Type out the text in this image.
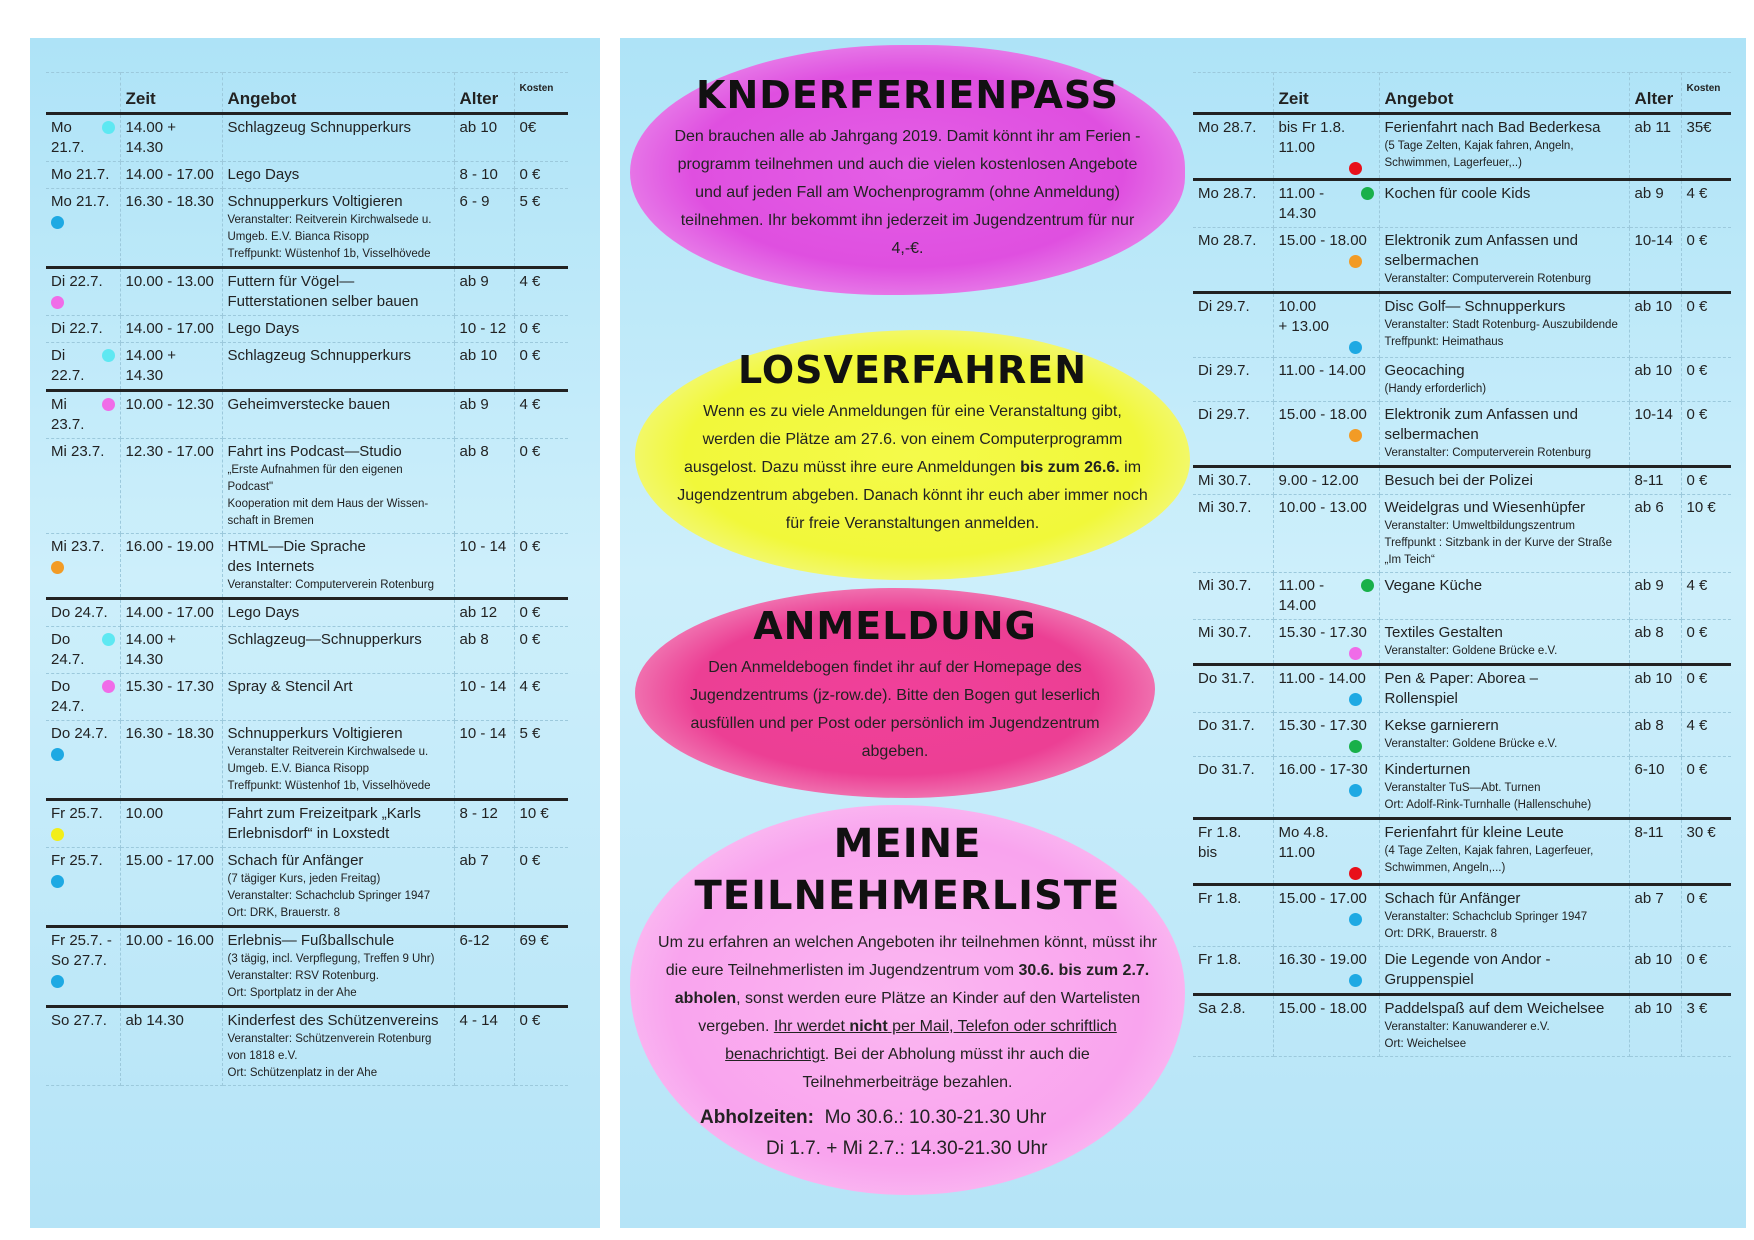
	Zeit	Angebot	Alter	Kosten

Mo 21.7.	14.00 + 14.30	Schlagzeug Schnupperkurs	ab 10	0€

Mo 21.7.	14.00 - 17.00	Lego Days	8 - 10	0 €

Mo 21.7.	16.30 - 18.30	Schnupperkurs Voltigieren
Veranstalter: Reitverein Kirchwalsede u. Umgeb. E.V. Bianca Risopp
Treffpunkt: Wüstenhof 1b, Visselhövede	6 - 9	5 €

Di 22.7.	10.00 - 13.00	Futtern für Vögel—
Futterstationen selber bauen	ab 9	4 €

Di 22.7.	14.00 - 17.00	Lego Days	10 - 12	0 €

Di 22.7.	14.00 + 14.30	Schlagzeug Schnupperkurs	ab 10	0 €

Mi 23.7.	10.00 - 12.30	Geheimverstecke bauen	ab 9	4 €

Mi 23.7.	12.30 - 17.00	Fahrt ins Podcast—Studio
„Erste Aufnahmen für den eigenen Podcast"
Kooperation mit dem Haus der Wissen-schaft in Bremen	ab 8	0 €

Mi 23.7.	16.00 - 19.00	HTML—Die Sprache
des Internets
Veranstalter: Computerverein Rotenburg	10 - 14	0 €

Do 24.7.	14.00 - 17.00	Lego Days	ab 12	0 €

Do 24.7.	14.00 + 14.30	Schlagzeug—Schnupperkurs	ab 8	0 €

Do 24.7.	15.30 - 17.30	Spray & Stencil Art	10 - 14	4 €

Do 24.7.	16.30 - 18.30	Schnupperkurs Voltigieren
Veranstalter Reitverein Kirchwalsede u. Umgeb. E.V. Bianca Risopp
Treffpunkt: Wüstenhof 1b, Visselhövede	10 - 14	5 €

Fr 25.7.	10.00	Fahrt zum Freizeitpark „Karls Erlebnisdorf“ in Loxstedt	8 - 12	10 €

Fr 25.7.	15.00 - 17.00	Schach für Anfänger
(7 tägiger Kurs, jeden Freitag)
Veranstalter: Schachclub Springer 1947
Ort: DRK, Brauerstr. 8	ab 7	0 €

Fr 25.7. -
So 27.7.	10.00 - 16.00	Erlebnis— Fußballschule
(3 tägig, incl. Verpflegung, Treffen 9 Uhr)
Veranstalter: RSV Rotenburg.
Ort: Sportplatz in der Ahe	6-12	69 €

So 27.7.	ab 14.30	Kinderfest des Schützenvereins
Veranstalter: Schützenverein Rotenburg von 1818 e.V.
Ort: Schützenplatz in der Ahe	4 - 14	0 €
	Zeit	Angebot	Alter	Kosten

Mo 28.7.	bis Fr 1.8.
11.00	Ferienfahrt nach Bad Bederkesa
(5 Tage Zelten, Kajak fahren, Angeln, Schwimmen, Lagerfeuer,..)	ab 11	35€

Mo 28.7.	11.00 - 14.30	Kochen für coole Kids	ab 9	4 €

Mo 28.7.	15.00 - 18.00	Elektronik zum Anfassen und selbermachen
Veranstalter: Computerverein Rotenburg	10-14	0 €

Di 29.7.	10.00
+ 13.00	Disc Golf— Schnupperkurs
Veranstalter: Stadt Rotenburg- Auszubildende
Treffpunkt: Heimathaus	ab 10	0 €

Di 29.7.	11.00 - 14.00	Geocaching
(Handy erforderlich)	ab 10	0 €

Di 29.7.	15.00 - 18.00	Elektronik zum Anfassen und selbermachen
Veranstalter: Computerverein Rotenburg	10-14	0 €

Mi 30.7.	9.00 - 12.00	Besuch bei der Polizei	8-11	0 €

Mi 30.7.	10.00 - 13.00	Weidelgras und Wiesenhüpfer
Veranstalter: Umweltbildungszentrum
Treffpunkt : Sitzbank in der Kurve der Straße „Im Teich“	ab 6	10 €

Mi 30.7.	11.00 - 14.00	Vegane Küche	ab 9	4 €

Mi 30.7.	15.30 - 17.30	Textiles Gestalten
Veranstalter: Goldene Brücke e.V.	ab 8	0 €

Do 31.7.	11.00 - 14.00	Pen & Paper: Aborea –
Rollenspiel	ab 10	0 €

Do 31.7.	15.30 - 17.30	Kekse garnierern
Veranstalter: Goldene Brücke e.V.	ab 8	4 €

Do 31.7.	16.00 - 17-30	Kinderturnen
Veranstalter TuS—Abt. Turnen
Ort: Adolf-Rink-Turnhalle (Hallenschuhe)	6-10	0 €

Fr 1.8.
bis	Mo 4.8.
11.00	Ferienfahrt für kleine Leute
(4 Tage Zelten, Kajak fahren, Lagerfeuer, Schwimmen, Angeln,...)	8-11	30 €

Fr 1.8.	15.00 - 17.00	Schach für Anfänger
Veranstalter: Schachclub Springer 1947
Ort: DRK, Brauerstr. 8	ab 7	0 €

Fr 1.8.	16.30 - 19.00	Die Legende von Andor -
Gruppenspiel	ab 10	0 €

Sa 2.8.	15.00 - 18.00	Paddelspaß auf dem Weichelsee
Veranstalter: Kanuwanderer e.V.
Ort: Weichelsee	ab 10	3 €
KNDERFERIENPASS

Den brauchen alle ab Jahrgang 2019. Damit könnt ihr am Ferien - programm teilnehmen und auch die vielen kostenlosen Angebote und auf jeden Fall am Wochenprogramm (ohne Anmeldung) teilnehmen. Ihr bekommt ihn jederzeit im Jugendzentrum für nur 4,-€.

LOSVERFAHREN

Wenn es zu viele Anmeldungen für eine Veranstaltung gibt, werden die Plätze am 27.6. von einem Computerprogramm ausgelost. Dazu müsst ihre eure Anmeldungen bis zum 26.6. im Jugendzentrum abgeben. Danach könnt ihr euch aber immer noch für freie Veranstaltungen anmelden.

ANMELDUNG

Den Anmeldebogen findet ihr auf der Homepage des Jugendzentrums (jz-row.de). Bitte den Bogen gut leserlich ausfüllen und per Post oder persönlich im Jugendzentrum abgeben.

MEINE
TEILNEHMERLISTE

Um zu erfahren an welchen Angeboten ihr teilnehmen könnt, müsst ihr die eure Teilnehmerlisten im Jugendzentrum vom 30.6. bis zum 2.7. abholen, sonst werden eure Plätze an Kinder auf den Wartelisten vergeben. Ihr werdet nicht per Mail, Telefon oder schriftlich benachrichtigt. Bei der Abholung müsst ihr auch die Teilnehmerbeiträge bezahlen.

Abholzeiten: Mo 30.6.: 10.30-21.30 Uhr

Di 1.7. + Mi 2.7.: 14.30-21.30 Uhr
